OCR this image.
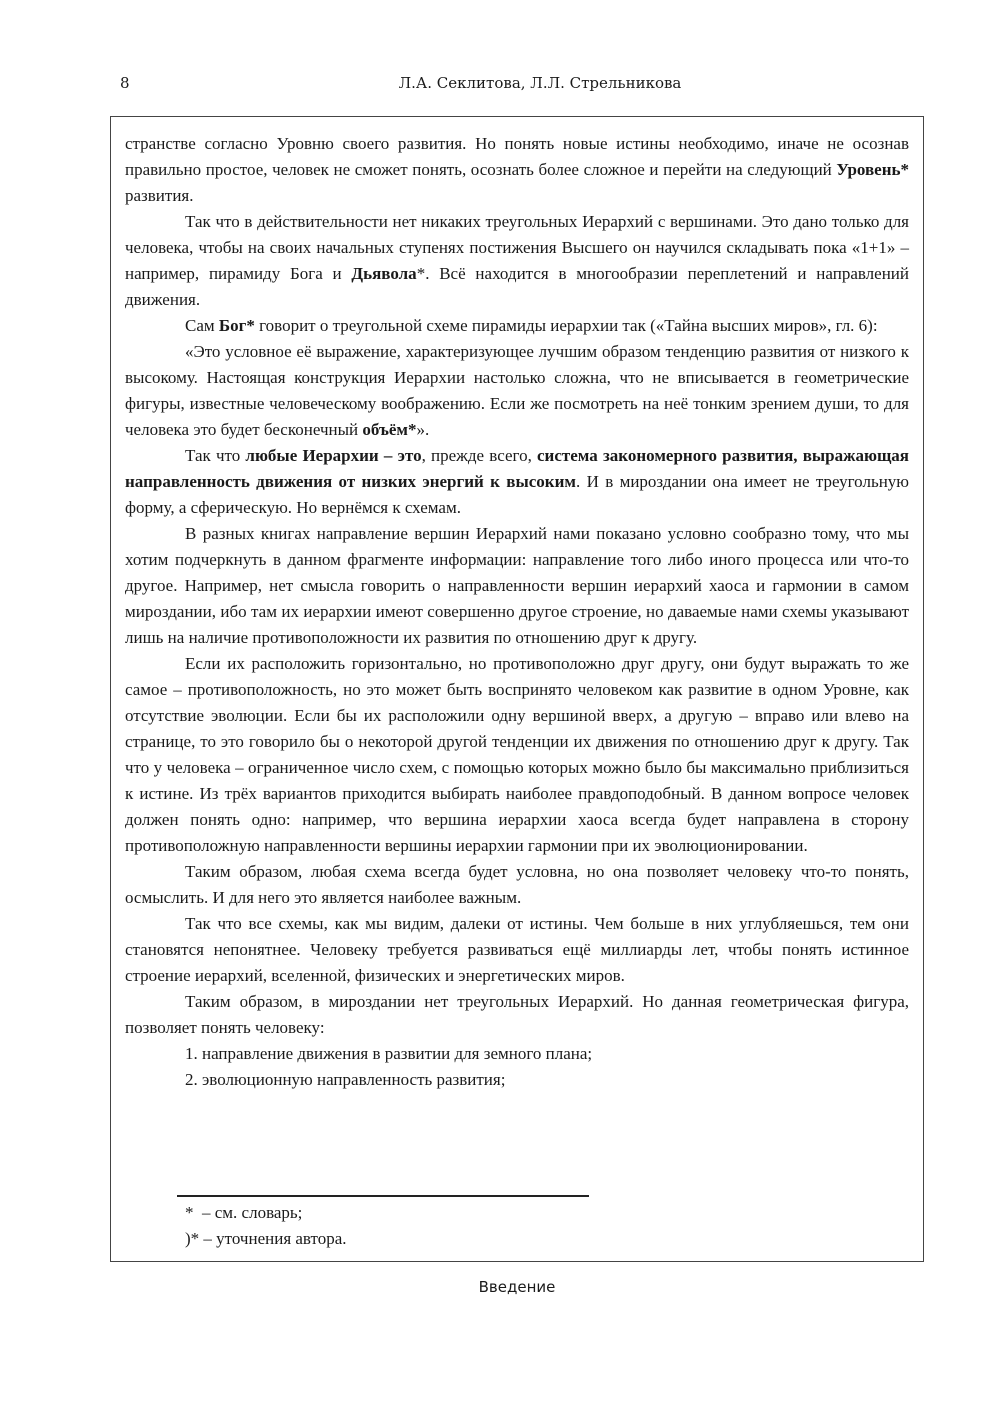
8	Л.А. Секлитова, Л.Л. Стрельникова

странстве согласно Уровню своего развития. Но понять новые истины необходимо, иначе не осознав правильно простое, человек не сможет понять, осознать более сложное и перейти на следующий Уровень* развития.

Так что в действительности нет никаких треугольных Иерархий с вершинами. Это дано только для человека, чтобы на своих начальных ступенях постижения Высшего он научился складывать пока «1+1» – например, пирамиду Бога и Дьявола*. Всё находится в многообразии переплетений и направлений движения.

Сам Бог* говорит о треугольной схеме пирамиды иерархии так («Тайна высших миров», гл. 6):

«Это условное её выражение, характеризующее лучшим образом тенденцию развития от низкого к высокому. Настоящая конструкция Иерархии настолько сложна, что не вписывается в геометрические фигуры, известные человеческому воображению. Если же посмотреть на неё тонким зрением души, то для человека это будет бесконечный объём*».

Так что любые Иерархии – это, прежде всего, система закономерного развития, выражающая направленность движения от низких энергий к высоким. И в мироздании она имеет не треугольную форму, а сферическую. Но вернёмся к схемам.

В разных книгах направление вершин Иерархий нами показано условно сообразно тому, что мы хотим подчеркнуть в данном фрагменте информации: направление того либо иного процесса или что-то другое. Например, нет смысла говорить о направленности вершин иерархий хаоса и гармонии в самом мироздании, ибо там их иерархии имеют совершенно другое строение, но даваемые нами схемы указывают лишь на наличие противоположности их развития по отношению друг к другу.

Если их расположить горизонтально, но противоположно друг другу, они будут выражать то же самое – противоположность, но это может быть воспринято человеком как развитие в одном Уровне, как отсутствие эволюции. Если бы их расположили одну вершиной вверх, а другую – вправо или влево на странице, то это говорило бы о некоторой другой тенденции их движения по отношению друг к другу. Так что у человека – ограниченное число схем, с помощью которых можно было бы максимально приблизиться к истине. Из трёх вариантов приходится выбирать наиболее правдоподобный. В данном вопросе человек должен понять одно: например, что вершина иерархии хаоса всегда будет направлена в сторону противоположную направленности вершины иерархии гармонии при их эволюционировании.

Таким образом, любая схема всегда будет условна, но она позволяет человеку что-то понять, осмыслить. И для него это является наиболее важным.

Так что все схемы, как мы видим, далеки от истины. Чем больше в них углубляешься, тем они становятся непонятнее. Человеку требуется развиваться ещё миллиарды лет, чтобы понять истинное строение иерархий, вселенной, физических и энергетических миров.

Таким образом, в мироздании нет треугольных Иерархий. Но данная геометрическая фигура, позволяет понять человеку:

1. направление движения в развитии для земного плана;

2. эволюционную направленность развития;

*  – см. словарь;
)* – уточнения автора.
Введение
